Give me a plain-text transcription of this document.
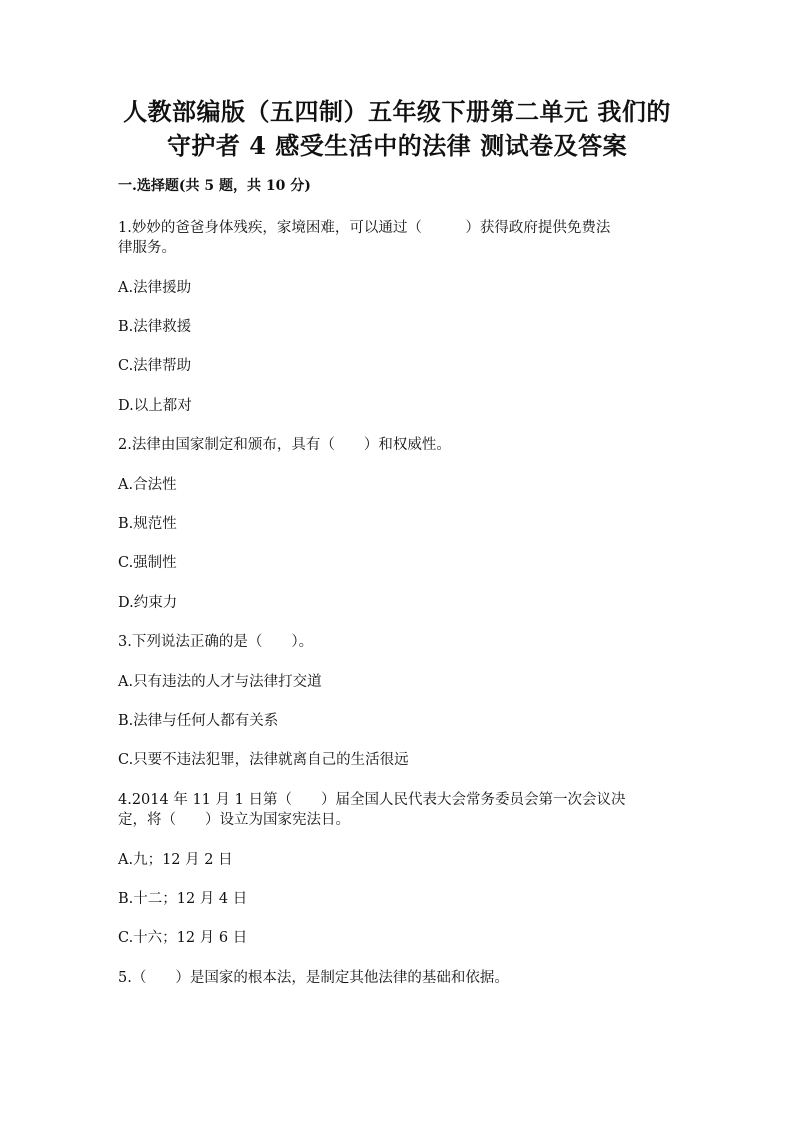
人教部编版（五四制）五年级下册第二单元 我们的
守护者 4 感受生活中的法律 测试卷及答案
一.选择题(共 5 题，共 10 分)
1.妙妙的爸爸身体残疾，家境困难，可以通过（　　　）获得政府提供免费法
律服务。
A.法律援助
B.法律救援
C.法律帮助
D.以上都对
2.法律由国家制定和颁布，具有（　　）和权威性。
A.合法性
B.规范性
C.强制性
D.约束力
3.下列说法正确的是（　　）。
A.只有违法的人才与法律打交道
B.法律与任何人都有关系
C.只要不违法犯罪，法律就离自己的生活很远
4.2014 年 11 月 1 日第（　　）届全国人民代表大会常务委员会第一次会议决
定，将（　　）设立为国家宪法日。
A.九；12 月 2 日
B.十二；12 月 4 日
C.十六；12 月 6 日
5.（　　）是国家的根本法，是制定其他法律的基础和依据。
